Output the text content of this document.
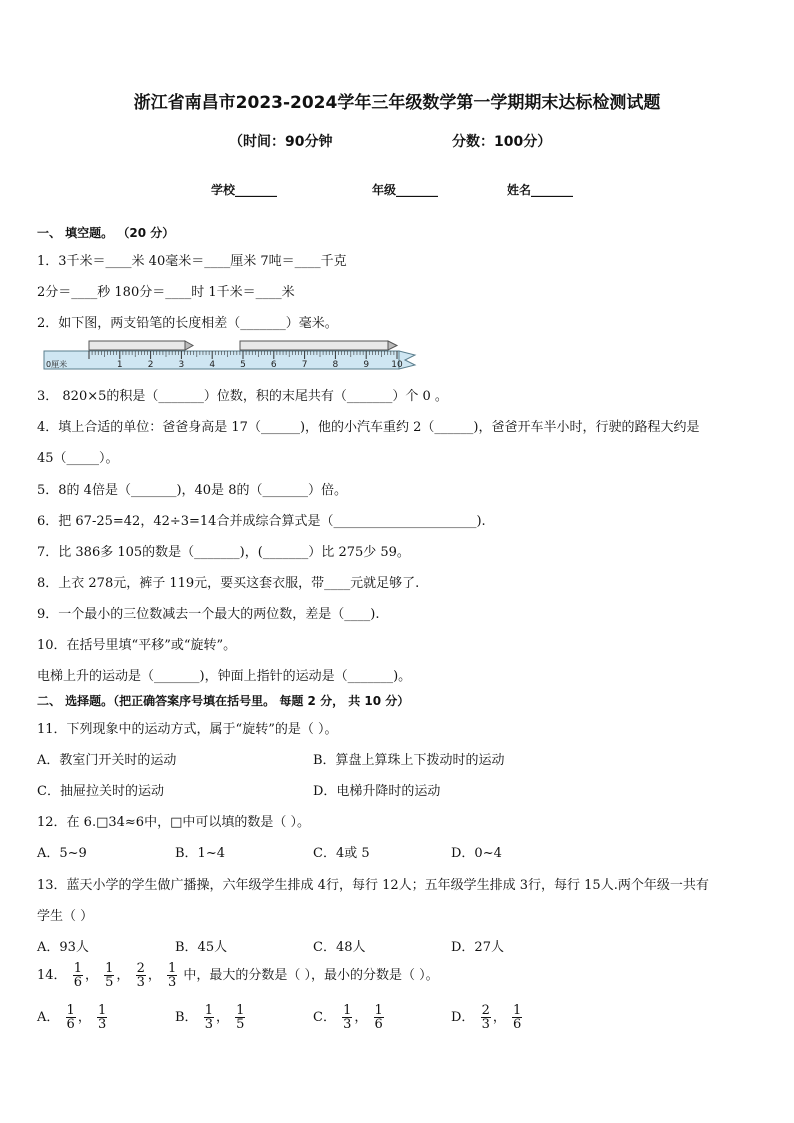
浙江省南昌市2023-2024学年三年级数学第一学期期末达标检测试题
（时间：90分钟	分数：100分）
学校_______	年级_______	姓名_______
一、 填空题。 （20 分）
1．3千米＝____米 40毫米＝____厘米 7吨＝____千克
2分＝____秒 180分＝____时 1千米＝____米
2．如下图，两支铅笔的长度相差（_______）毫米。
1	2	3	4	5	6	7	8	9 10
0厘米
3． 820×5的积是（_______）位数，积的末尾共有（_______）个 0 。
4．填上合适的单位：爸爸身高是 17（______)，他的小汽车重约 2（______)，爸爸开车半小时，行驶的路程大约是
45（_____）。
5．8的 4倍是（_______)，40是 8的（_______）倍。
6．把 67-25=42，42÷3=14合并成综合算式是（______________________).
7．比 386多 105的数是（_______)，(_______）比 275少 59。
8．上衣 278元，裤子 119元，要买这套衣服，带____元就足够了.
9．一个最小的三位数减去一个最大的两位数，差是（____).
10．在括号里填“平移”或“旋转”。
电梯上升的运动是（_______)，钟面上指针的运动是（_______)。
二、 选择题。（把正确答案序号填在括号里。 每题 2 分， 共 10 分）
11．下列现象中的运动方式，属于“旋转”的是（ ）。
A．教室门开关时的运动	B．算盘上算珠上下拨动时的运动
C．抽屉拉关时的运动	D．电梯升降时的运动
12．在 6.□34≈6中，□中可以填的数是（ ）。
A．5~9	B．1~4	C．4或 5	D．0~4
13．蓝天小学的学生做广播操，六年级学生排成 4行，每行 12人；五年级学生排成 3行，每行 15人.两个年级一共有
学生（ ）
A．93人	B．45人	C．48人	D．27人
14． $\frac{1}{6}$ ， $\frac{1}{5}$ ， $\frac{2}{3}$ ， $\frac{1}{3}$ 中，最大的分数是（ ），最小的分数是（ ）。
A． $\frac{1}{6}$ ， $\frac{1}{3}$	B． $\frac{1}{3}$ ， $\frac{1}{5}$	C． $\frac{1}{3}$ ， $\frac{1}{6}$	D． $\frac{2}{3}$ ， $\frac{1}{6}$
